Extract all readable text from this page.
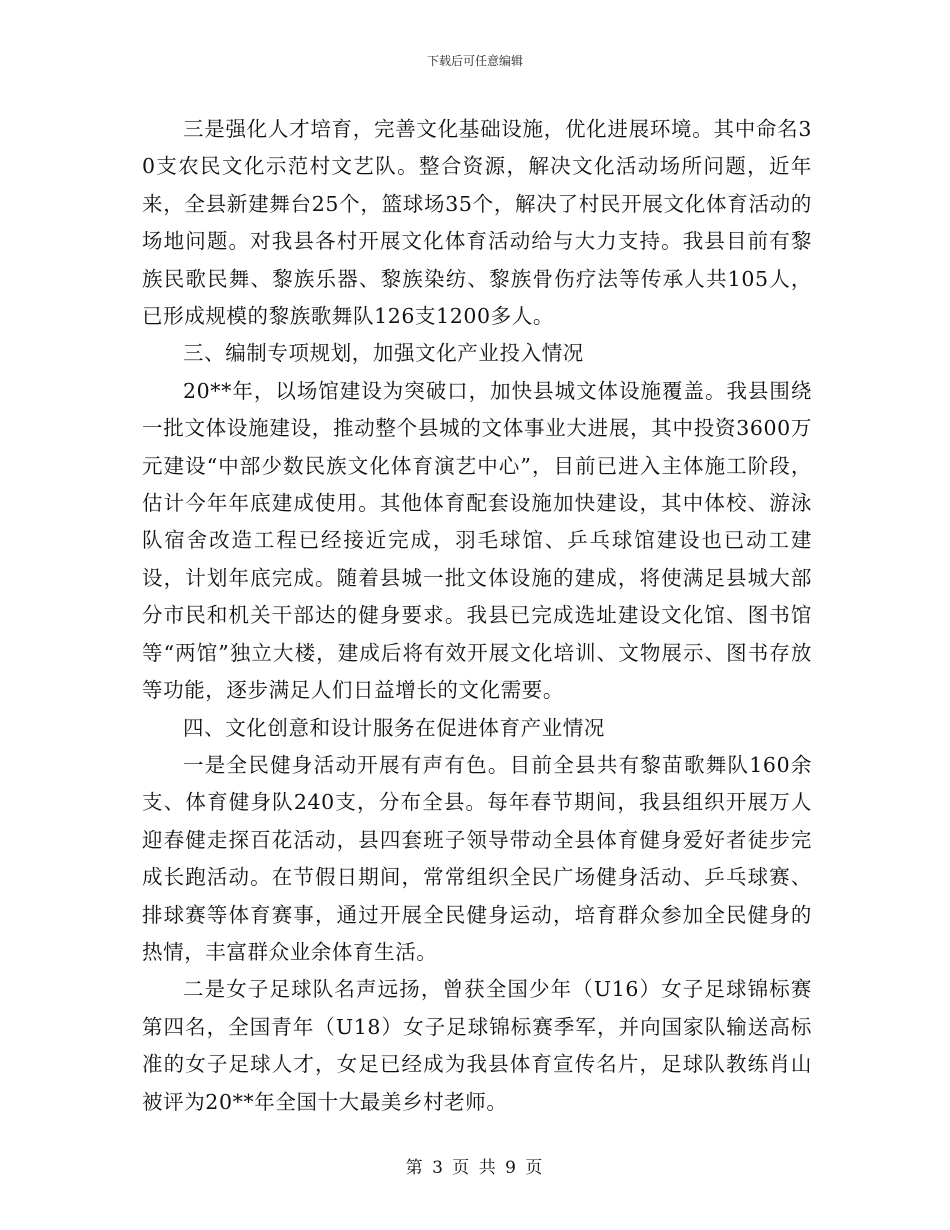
下载后可任意编辑

三是强化人才培育，完善文化基础设施，优化进展环境。其中命名30支农民文化示范村文艺队。整合资源，解决文化活动场所问题，近年来，全县新建舞台25个，篮球场35个，解决了村民开展文化体育活动的场地问题。对我县各村开展文化体育活动给与大力支持。我县目前有黎族民歌民舞、黎族乐器、黎族染纺、黎族骨伤疗法等传承人共105人，已形成规模的黎族歌舞队126支1200多人。

三、编制专项规划，加强文化产业投入情况

20**年，以场馆建设为突破口，加快县城文体设施覆盖。我县围绕一批文体设施建设，推动整个县城的文体事业大进展，其中投资3600万元建设“中部少数民族文化体育演艺中心”，目前已进入主体施工阶段，估计今年年底建成使用。其他体育配套设施加快建设，其中体校、游泳队宿舍改造工程已经接近完成，羽毛球馆、乒乓球馆建设也已动工建设，计划年底完成。随着县城一批文体设施的建成，将使满足县城大部分市民和机关干部达的健身要求。我县已完成选址建设文化馆、图书馆等“两馆”独立大楼，建成后将有效开展文化培训、文物展示、图书存放等功能，逐步满足人们日益增长的文化需要。

四、文化创意和设计服务在促进体育产业情况

一是全民健身活动开展有声有色。目前全县共有黎苗歌舞队160余支、体育健身队240支，分布全县。每年春节期间，我县组织开展万人迎春健走探百花活动，县四套班子领导带动全县体育健身爱好者徒步完成长跑活动。在节假日期间，常常组织全民广场健身活动、乒乓球赛、排球赛等体育赛事，通过开展全民健身运动，培育群众参加全民健身的热情，丰富群众业余体育生活。

二是女子足球队名声远扬，曾获全国少年（U16）女子足球锦标赛第四名，全国青年（U18）女子足球锦标赛季军，并向国家队输送高标准的女子足球人才，女足已经成为我县体育宣传名片，足球队教练肖山被评为20**年全国十大最美乡村老师。

第 3 页 共 9 页
